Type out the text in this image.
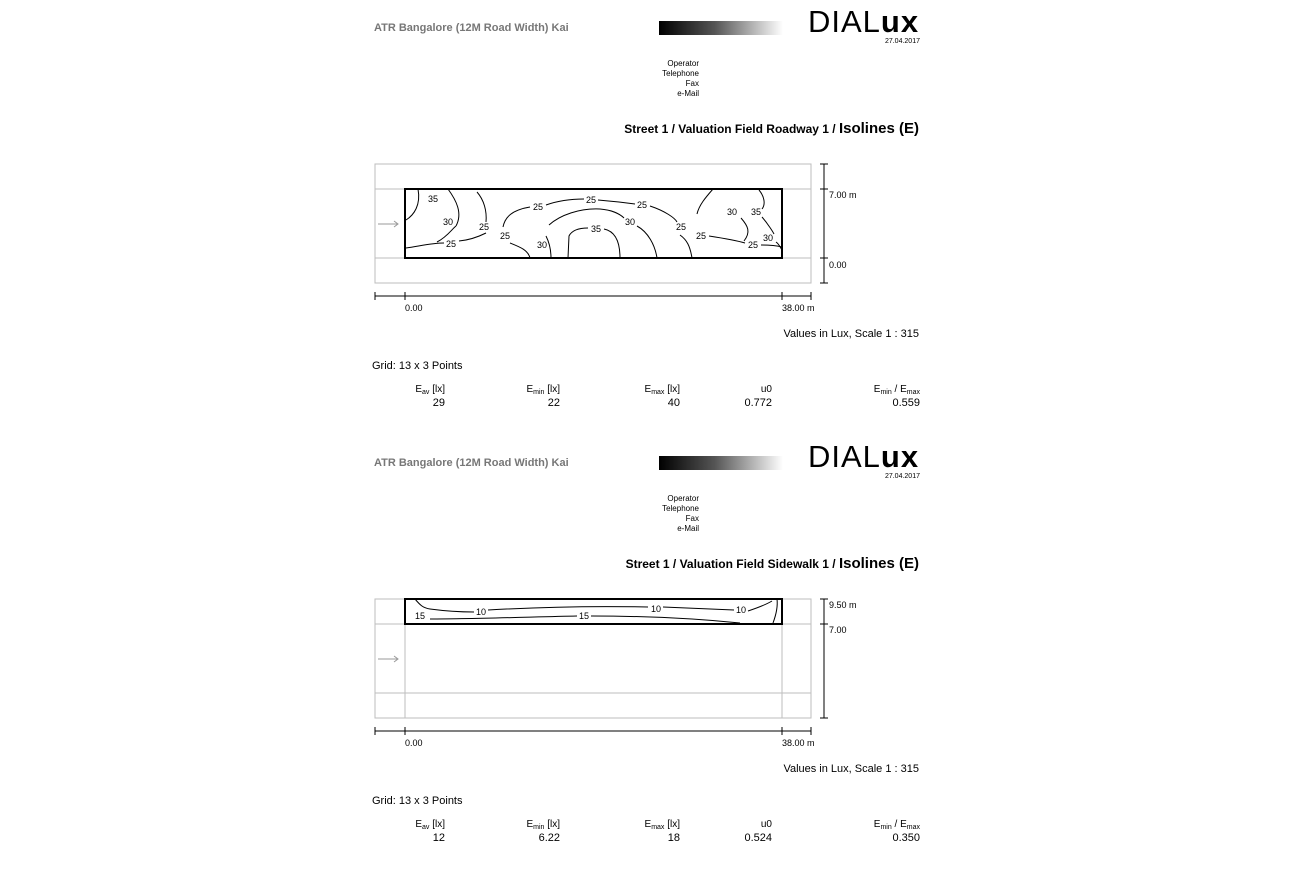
ATR Bangalore (12M Road Width) Kai	DIALux
27.04.2017
Operator
Telephone
Fax
e-Mail
Street 1 / Valuation Field Roadway 1 / Isolines (E)
35
30
25
25
25
25	25
30
35
25
30
25
25
30 35
25
30
0.00	38.00 m
7.00 m
0.00
Values in Lux, Scale 1 : 315
Grid: 13 x 3 Points
$E_{av}$ [lx]
29
$E_{min}$ [lx]
22
$E_{max}$ [lx]
40
u0
0.772
$E_{min} / E_{max}$
0.559
ATR Bangalore (12M Road Width) Kai	DIALux
27.04.2017
Operator
Telephone
Fax
e-Mail
Street 1 / Valuation Field Sidewalk 1 / Isolines (E)
15	10	15
10	10
0.00	38.00 m
9.50 m
7.00
Values in Lux, Scale 1 : 315
Grid: 13 x 3 Points
$E_{av}$ [lx]
12
$E_{min}$ [lx]
6.22
$E_{max}$ [lx]
18
u0
0.524
$E_{min} / E_{max}$
0.350
